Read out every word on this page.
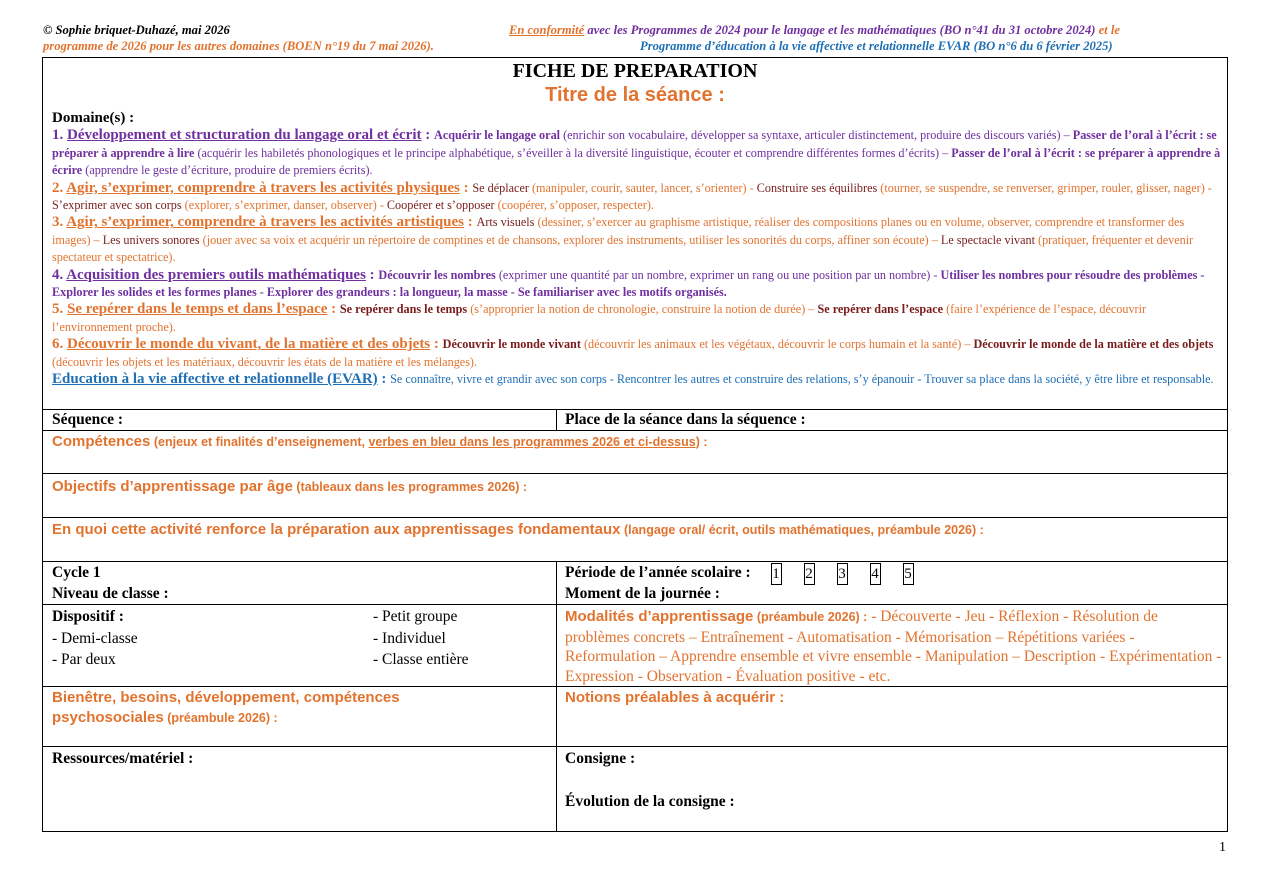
© Sophie briquet-Duhazé, mai 2026	En conformité avec les Programmes de 2024 pour le langage et les mathématiques (BO n°41 du 31 octobre 2024) et le
programme de 2026 pour les autres domaines (BOEN n°19 du 7 mai 2026).	Programme d’éducation à la vie affective et relationnelle EVAR (BO n°6 du 6 février 2025)
FICHE DE PREPARATION
Titre de la séance :
Domaine(s) :

1. Développement et structuration du langage oral et écrit : Acquérir le langage oral (enrichir son vocabulaire, développer sa syntaxe, articuler distinctement, produire des discours variés) – Passer de l’oral à l’écrit : se préparer à apprendre à lire (acquérir les habiletés phonologiques et le principe alphabétique, s’éveiller à la diversité linguistique, écouter et comprendre différentes formes d’écrits) – Passer de l’oral à l’écrit : se préparer à apprendre à écrire (apprendre le geste d’écriture, produire de premiers écrits).

2. Agir, s’exprimer, comprendre à travers les activités physiques : Se déplacer (manipuler, courir, sauter, lancer, s’orienter) - Construire ses équilibres (tourner, se suspendre, se renverser, grimper, rouler, glisser, nager) - S’exprimer avec son corps (explorer, s’exprimer, danser, observer) - Coopérer et s’opposer (coopérer, s’opposer, respecter).

3. Agir, s’exprimer, comprendre à travers les activités artistiques : Arts visuels (dessiner, s’exercer au graphisme artistique, réaliser des compositions planes ou en volume, observer, comprendre et transformer des images) – Les univers sonores (jouer avec sa voix et acquérir un répertoire de comptines et de chansons, explorer des instruments, utiliser les sonorités du corps, affiner son écoute) – Le spectacle vivant (pratiquer, fréquenter et devenir spectateur et spectatrice).

4. Acquisition des premiers outils mathématiques : Découvrir les nombres (exprimer une quantité par un nombre, exprimer un rang ou une position par un nombre) - Utiliser les nombres pour résoudre des problèmes - Explorer les solides et les formes planes - Explorer des grandeurs : la longueur, la masse - Se familiariser avec les motifs organisés.

5. Se repérer dans le temps et dans l’espace : Se repérer dans le temps (s’approprier la notion de chronologie, construire la notion de durée) – Se repérer dans l’espace (faire l’expérience de l’espace, découvrir l’environnement proche).

6. Découvrir le monde du vivant, de la matière et des objets : Découvrir le monde vivant (découvrir les animaux et les végétaux, découvrir le corps humain et la santé) – Découvrir le monde de la matière et des objets (découvrir les objets et les matériaux, découvrir les états de la matière et les mélanges).

Education à la vie affective et relationnelle (EVAR) : Se connaître, vivre et grandir avec son corps - Rencontrer les autres et construire des relations, s’y épanouir - Trouver sa place dans la société, y être libre et responsable.

Séquence :	Place de la séance dans la séquence :
Compétences (enjeux et finalités d’enseignement, verbes en bleu dans les programmes 2026 et ci-dessus) :
Objectifs d’apprentissage par âge (tableaux dans les programmes 2026) :
En quoi cette activité renforce la préparation aux apprentissages fondamentaux (langage oral/ écrit, outils mathématiques, préambule 2026) :
Cycle 1
Niveau de classe :
Période de l’année scolaire : 1 2 3 4 5
Moment de la journée :
Dispositif :	- Petit groupe
- Demi-classe	- Individuel
- Par deux	- Classe entière
Modalités d’apprentissage (préambule 2026) : - Découverte - Jeu - Réflexion - Résolution de problèmes concrets – Entraînement - Automatisation - Mémorisation – Répétitions variées - Reformulation – Apprendre ensemble et vivre ensemble - Manipulation – Description - Expérimentation - Expression - Observation - Évaluation positive - etc.
Bienêtre, besoins, développement, compétences psychosociales (préambule 2026) :
Notions préalables à acquérir :
Ressources/matériel :	Consigne :
Évolution de la consigne :
1
